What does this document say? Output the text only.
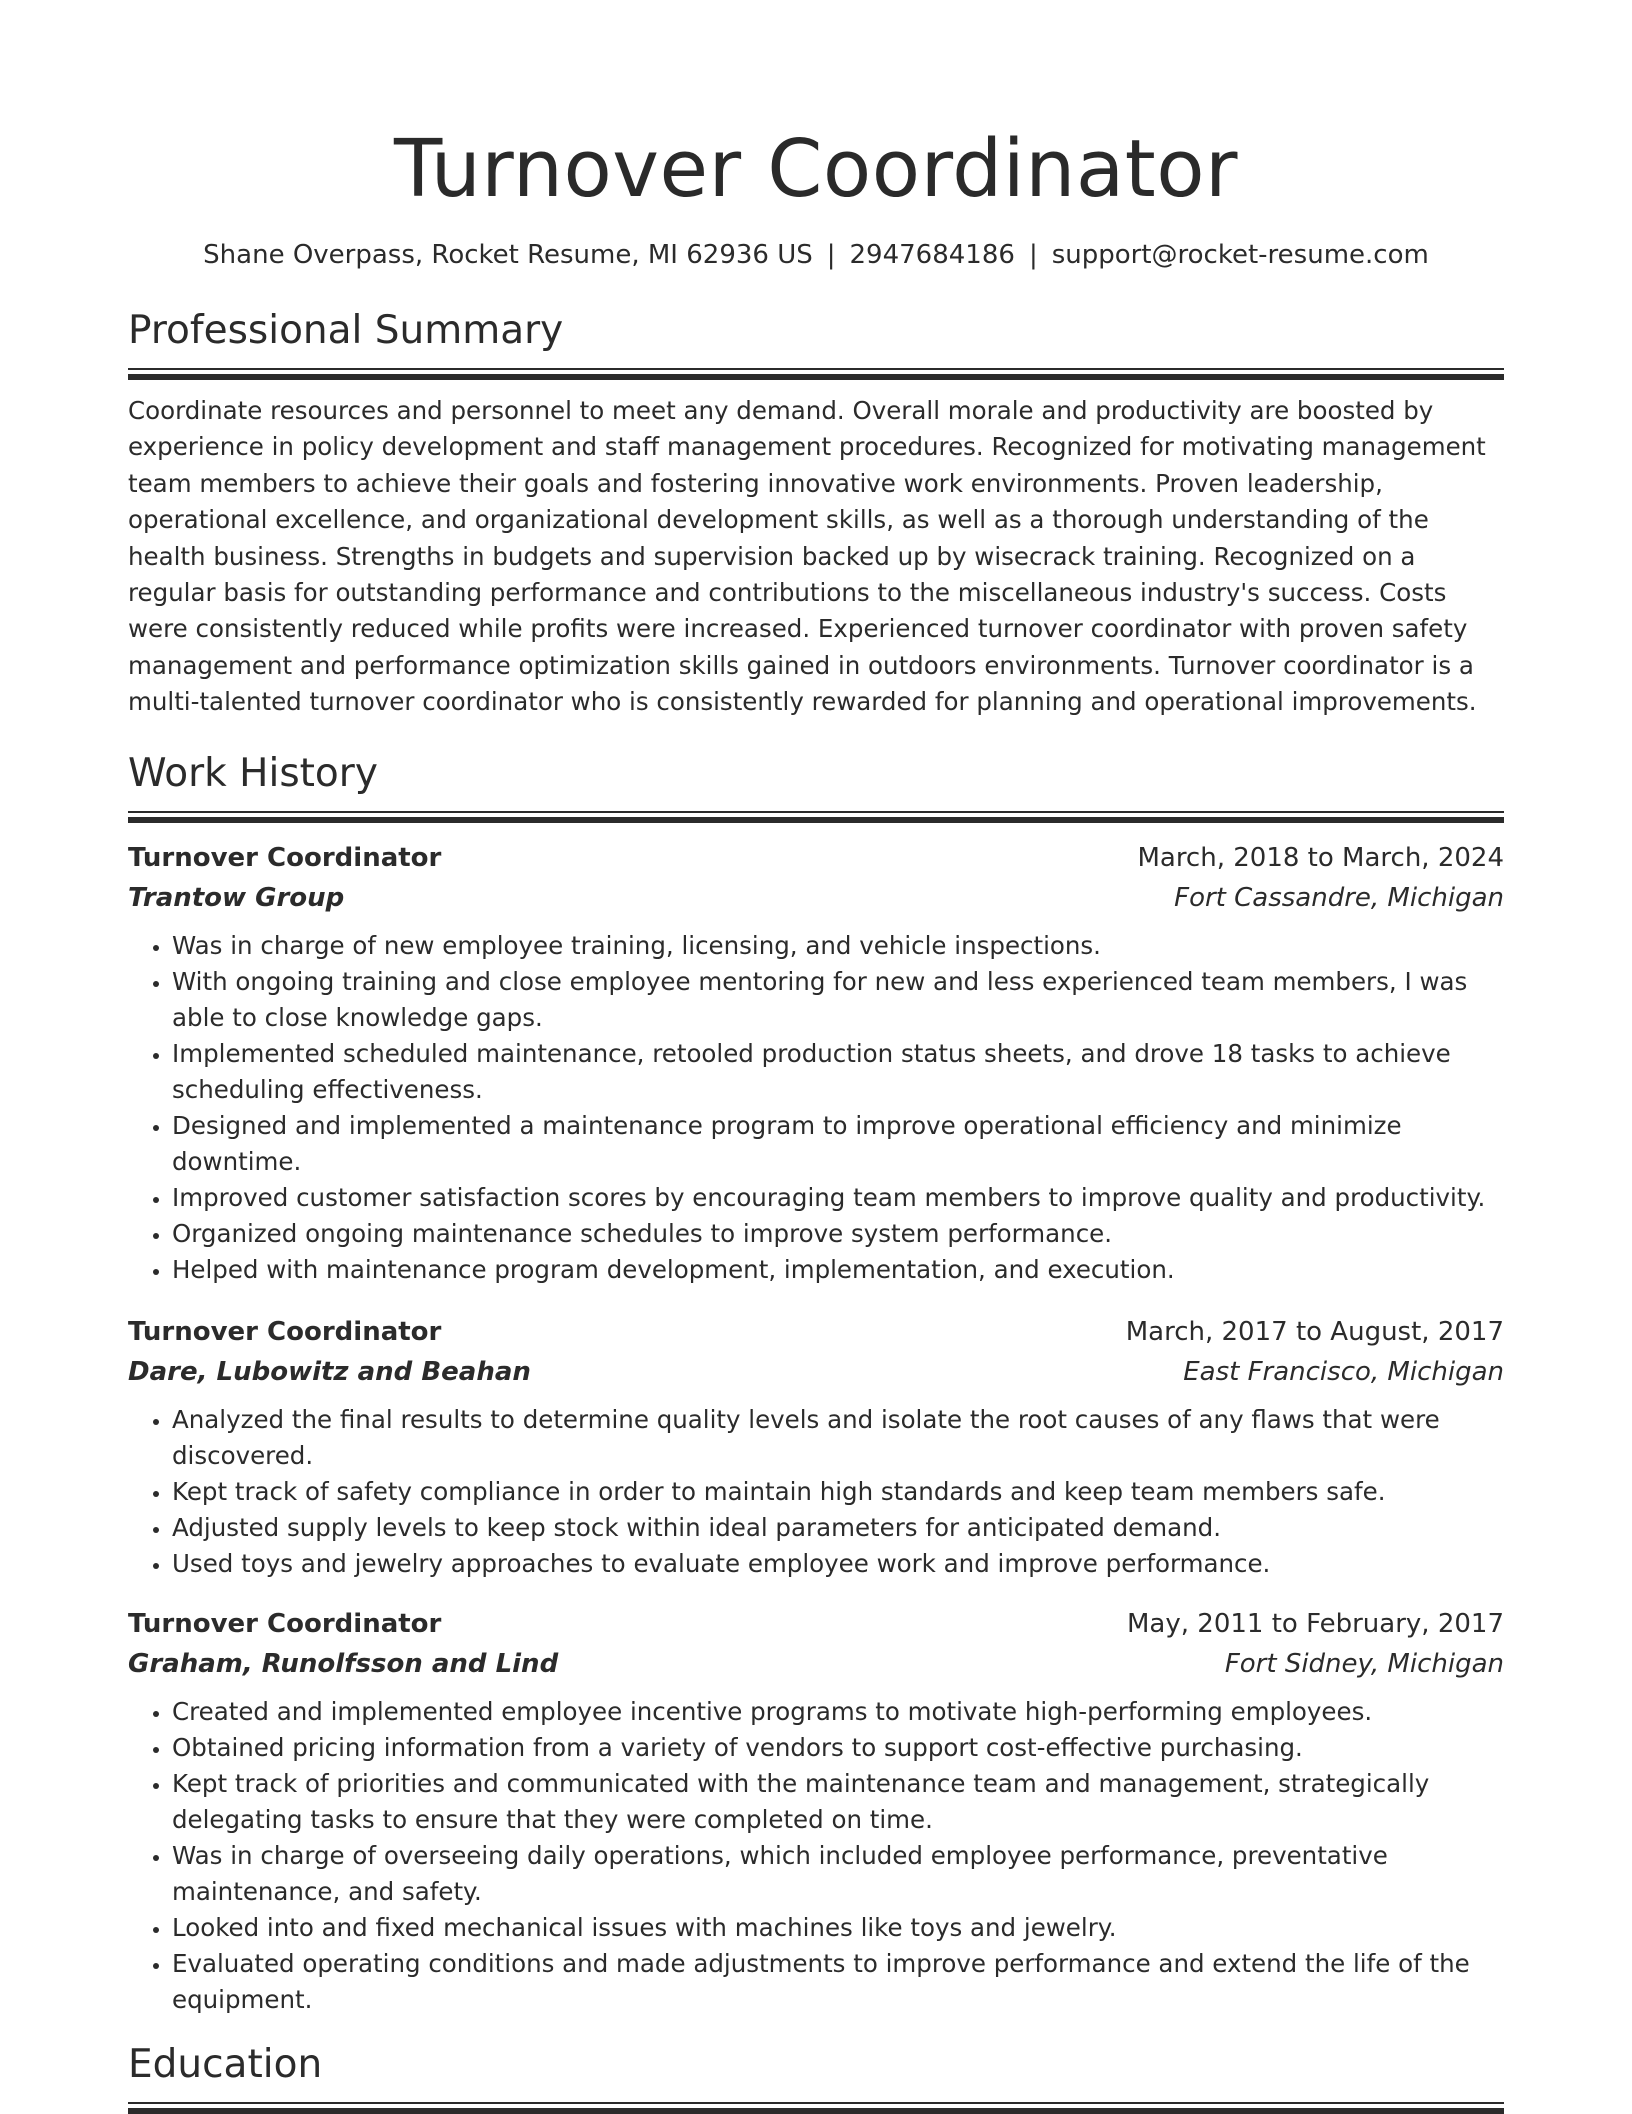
Turnover Coordinator
Shane Overpass, Rocket Resume, MI 62936 US | 2947684186 | support@rocket-resume.com
Professional Summary
Coordinate resources and personnel to meet any demand. Overall morale and productivity are boosted by experience in policy development and staff management procedures. Recognized for motivating management team members to achieve their goals and fostering innovative work environments. Proven leadership, operational excellence, and organizational development skills, as well as a thorough understanding of the health business. Strengths in budgets and supervision backed up by wisecrack training. Recognized on a regular basis for outstanding performance and contributions to the miscellaneous industry's success. Costs were consistently reduced while profits were increased. Experienced turnover coordinator with proven safety management and performance optimization skills gained in outdoors environments. Turnover coordinator is a multi-talented turnover coordinator who is consistently rewarded for planning and operational improvements.
Work History
Turnover Coordinator	March, 2018 to March, 2024
Trantow Group	Fort Cassandre, Michigan
• Was in charge of new employee training, licensing, and vehicle inspections.
• With ongoing training and close employee mentoring for new and less experienced team members, I was able to close knowledge gaps.
• Implemented scheduled maintenance, retooled production status sheets, and drove 18 tasks to achieve scheduling effectiveness.
• Designed and implemented a maintenance program to improve operational efficiency and minimize downtime.
• Improved customer satisfaction scores by encouraging team members to improve quality and productivity.
• Organized ongoing maintenance schedules to improve system performance.
• Helped with maintenance program development, implementation, and execution.
Turnover Coordinator	March, 2017 to August, 2017
Dare, Lubowitz and Beahan	East Francisco, Michigan
• Analyzed the final results to determine quality levels and isolate the root causes of any flaws that were discovered.
• Kept track of safety compliance in order to maintain high standards and keep team members safe.
• Adjusted supply levels to keep stock within ideal parameters for anticipated demand.
• Used toys and jewelry approaches to evaluate employee work and improve performance.
Turnover Coordinator	May, 2011 to February, 2017
Graham, Runolfsson and Lind	Fort Sidney, Michigan
• Created and implemented employee incentive programs to motivate high-performing employees.
• Obtained pricing information from a variety of vendors to support cost-effective purchasing.
• Kept track of priorities and communicated with the maintenance team and management, strategically delegating tasks to ensure that they were completed on time.
• Was in charge of overseeing daily operations, which included employee performance, preventative maintenance, and safety.
• Looked into and fixed mechanical issues with machines like toys and jewelry.
• Evaluated operating conditions and made adjustments to improve performance and extend the life of the equipment.
Education
